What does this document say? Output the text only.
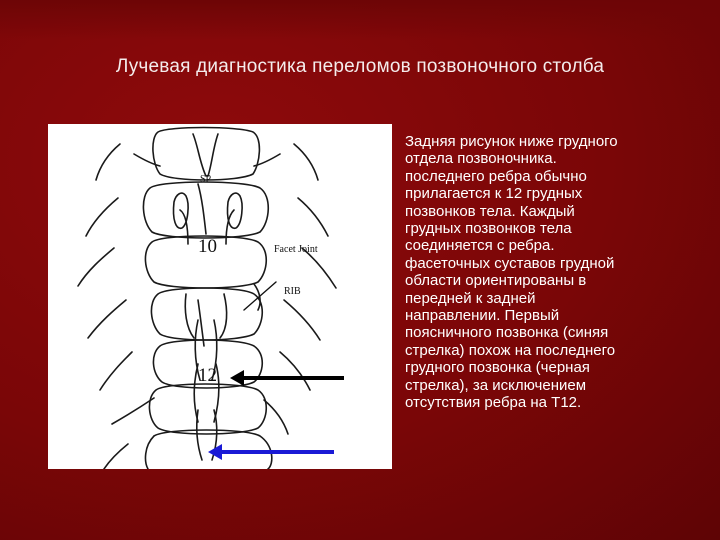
Лучевая диагностика переломов позвоночного столба
SP
10	Facet Joint
RIB
12
Задняя рисунок ниже грудного
отдела позвоночника.
последнего ребра обычно
прилагается к 12 грудных
позвонков тела. Каждый
грудных позвонков тела
соединяется с ребра.
фасеточных суставов грудной
области ориентированы в
передней к задней
направлении. Первый
поясничного позвонка (синяя
стрелка) похож на последнего
грудного позвонка (черная
стрелка), за исключением
отсутствия ребра на Т12.
